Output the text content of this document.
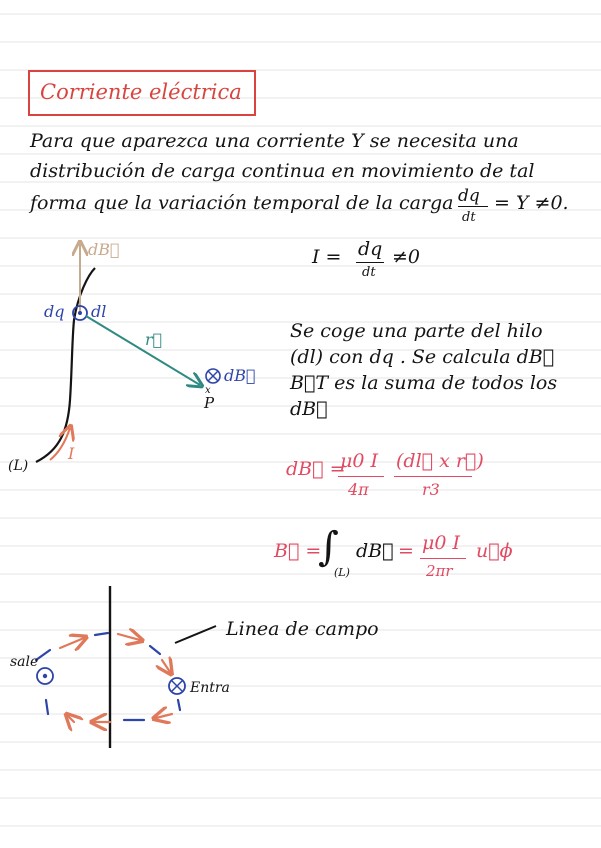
Corriente eléctrica
Para que aparezca una corriente Y se necesita una
distribución de carga continua en movimiento de tal
forma que la variación temporal de la carga dq
dt
= Y ≠0.
I = dq
dt
≠0
dB⃗
dq dl
r⃗
dB⃗
x
P
(L)
I
Se coge una parte del hilo
(dl) con dq . Se calcula dB⃗
B⃗T es la suma de todos los
dB⃗
dB⃗ =
μ0 I
4π
(dl⃗ x r⃗)
r3
B⃗ =
∫
(L)
dB⃗ = μ0 I
2πr
u⃗ϕ
Linea de campo
sale
Entra
